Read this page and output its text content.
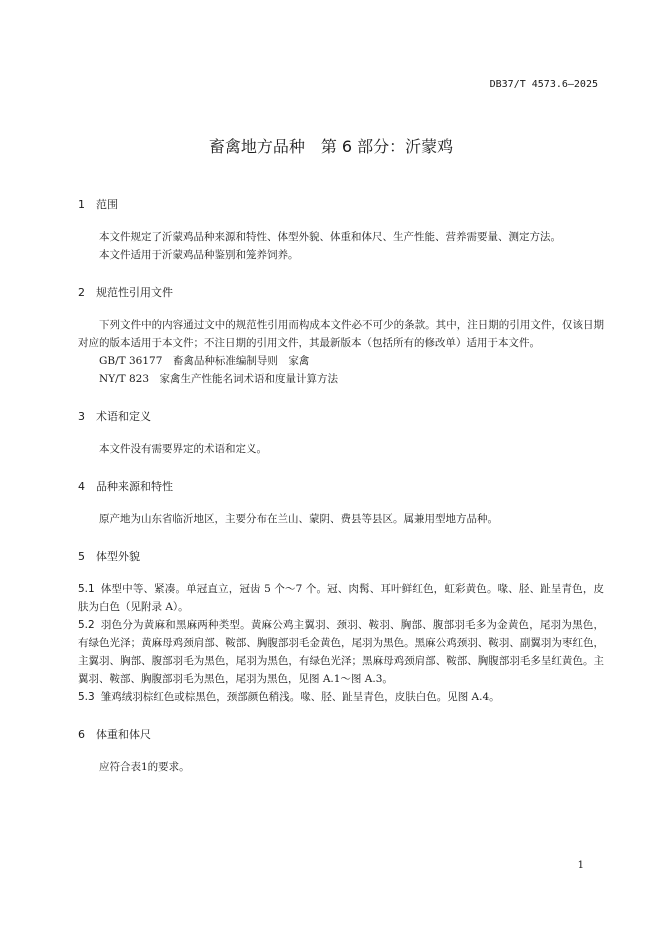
DB37/T 4573.6—2025
畜禽地方品种　第 6 部分：沂蒙鸡
1 范围

本文件规定了沂蒙鸡品种来源和特性、体型外貌、体重和体尺、生产性能、营养需要量、测定方法。

本文件适用于沂蒙鸡品种鉴别和笼养饲养。

2 规范性引用文件

下列文件中的内容通过文中的规范性引用而构成本文件必不可少的条款。其中，注日期的引用文件，仅该日期对应的版本适用于本文件；不注日期的引用文件，其最新版本（包括所有的修改单）适用于本文件。

GB/T 36177　畜禽品种标准编制导则　家禽

NY/T 823　家禽生产性能名词术语和度量计算方法

3 术语和定义

本文件没有需要界定的术语和定义。

4 品种来源和特性

原产地为山东省临沂地区，主要分布在兰山、蒙阴、费县等县区。属兼用型地方品种。

5 体型外貌

5.1 体型中等、紧凑。单冠直立，冠齿 5 个～7 个。冠、肉髯、耳叶鲜红色，虹彩黄色。喙、胫、趾呈青色，皮肤为白色（见附录 A）。

5.2 羽色分为黄麻和黑麻两种类型。黄麻公鸡主翼羽、颈羽、鞍羽、胸部、腹部羽毛多为金黄色，尾羽为黑色，有绿色光泽；黄麻母鸡颈肩部、鞍部、胸腹部羽毛金黄色，尾羽为黑色。黑麻公鸡颈羽、鞍羽、副翼羽为枣红色，主翼羽、胸部、腹部羽毛为黑色，尾羽为黑色，有绿色光泽；黑麻母鸡颈肩部、鞍部、胸腹部羽毛多呈红黄色。主翼羽、鞍部、胸腹部羽毛为黑色，尾羽为黑色，见图 A.1～图 A.3。

5.3 雏鸡绒羽棕红色或棕黑色，颈部颜色稍浅。喙、胫、趾呈青色，皮肤白色。见图 A.4。

6 体重和体尺

应符合表1的要求。

1
